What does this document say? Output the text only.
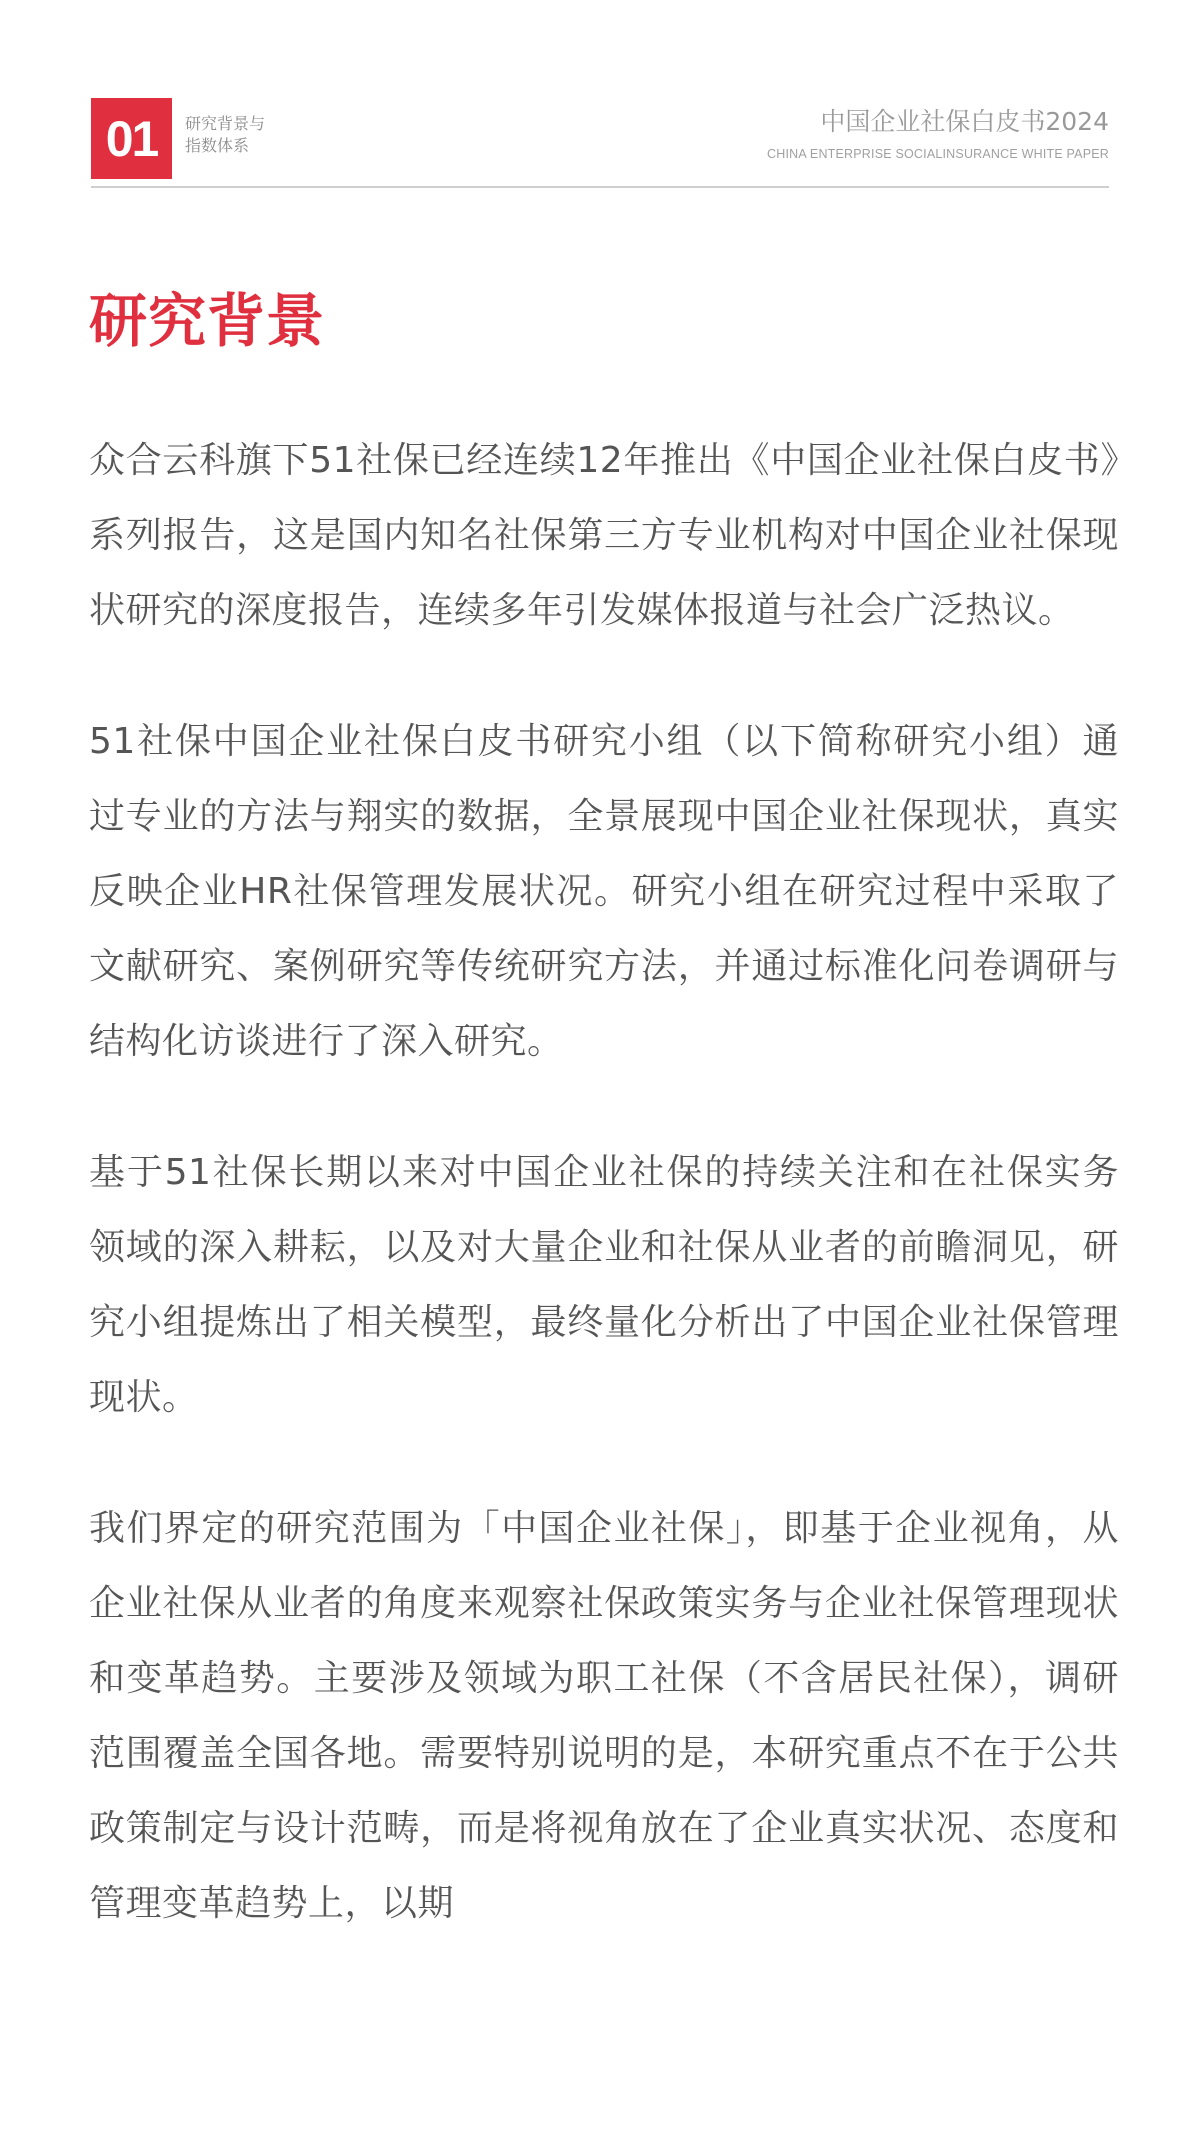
01	研究背景与
指数体系
中国企业社保白皮书2024
CHINA ENTERPRISE SOCIALINSURANCE WHITE PAPER
研究背景

众合云科旗下51社保已经连续12年推出《中国企业社保白皮书》系列报告，这是国内知名社保第三方专业机构对中国企业社保现状研究的深度报告，连续多年引发媒体报道与社会广泛热议。

51社保中国企业社保白皮书研究小组（以下简称研究小组）通过专业的方法与翔实的数据，全景展现中国企业社保现状，真实反映企业HR社保管理发展状况。研究小组在研究过程中采取了文献研究、案例研究等传统研究方法，并通过标准化问卷调研与结构化访谈进行了深入研究。

基于51社保长期以来对中国企业社保的持续关注和在社保实务领域的深入耕耘，以及对大量企业和社保从业者的前瞻洞见，研究小组提炼出了相关模型，最终量化分析出了中国企业社保管理现状。

我们界定的研究范围为「中国企业社保」，即基于企业视角，从企业社保从业者的角度来观察社保政策实务与企业社保管理现状和变革趋势。主要涉及领域为职工社保（不含居民社保），调研范围覆盖全国各地。需要特别说明的是，本研究重点不在于公共政策制定与设计范畴，而是将视角放在了企业真实状况、态度和管理变革趋势上，以期
